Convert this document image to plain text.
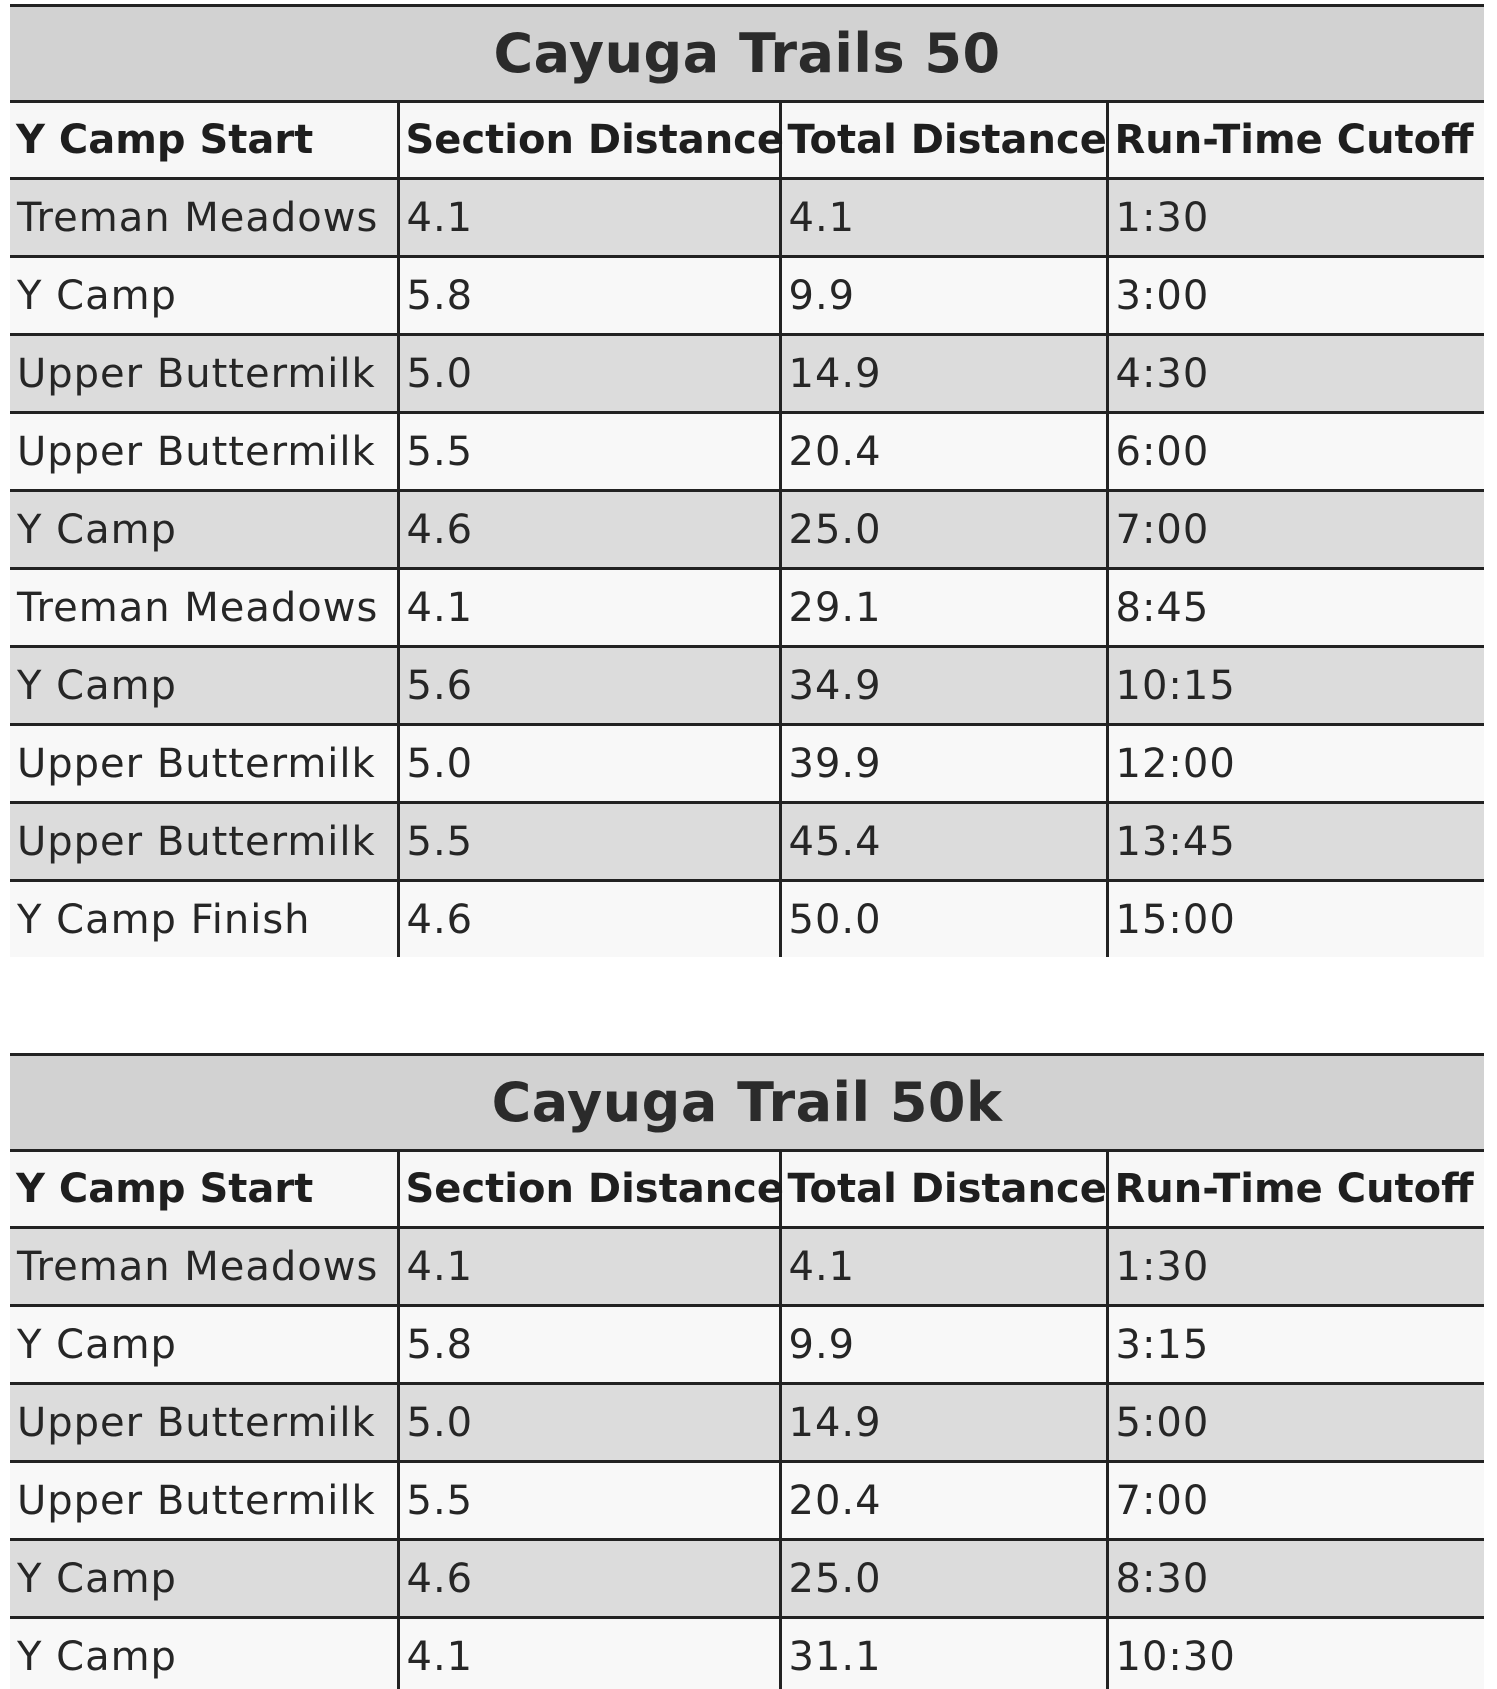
Cayuga Trails 50			
Y Camp Start	Section Distance	Total Distance	Run-Time Cutoff
Treman Meadows	4.1	4.1	1:30
Y Camp	5.8	9.9	3:00
Upper Buttermilk	5.0	14.9	4:30
Upper Buttermilk	5.5	20.4	6:00
Y Camp	4.6	25.0	7:00
Treman Meadows	4.1	29.1	8:45
Y Camp	5.6	34.9	10:15
Upper Buttermilk	5.0	39.9	12:00
Upper Buttermilk	5.5	45.4	13:45
Y Camp Finish	4.6	50.0	15:00
Cayuga Trail 50k			
Y Camp Start	Section Distance	Total Distance	Run-Time Cutoff
Treman Meadows	4.1	4.1	1:30
Y Camp	5.8	9.9	3:15
Upper Buttermilk	5.0	14.9	5:00
Upper Buttermilk	5.5	20.4	7:00
Y Camp	4.6	25.0	8:30
Y Camp	4.1	31.1	10:30
